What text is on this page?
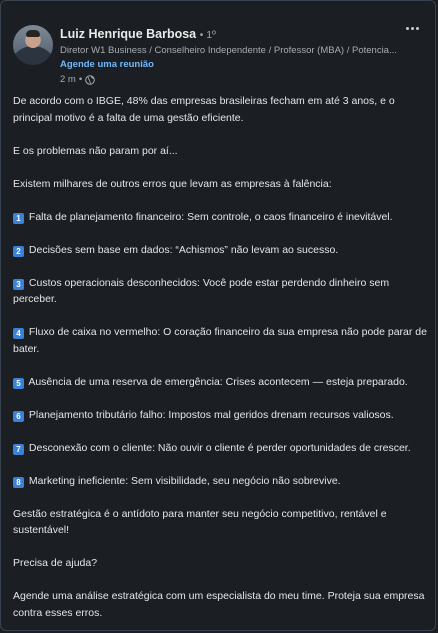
Luiz Henrique Barbosa • 1º
Diretor W1 Business / Conselheiro Independente / Professor (MBA) / Potencia...
Agende uma reunião
2 m •

De acordo com o IBGE, 48% das empresas brasileiras fecham em até 3 anos, e o principal motivo é a falta de uma gestão eficiente.

E os problemas não param por aí...

Existem milhares de outros erros que levam as empresas à falência:

1 Falta de planejamento financeiro: Sem controle, o caos financeiro é inevitável.

2 Decisões sem base em dados: “Achismos” não levam ao sucesso.

3 Custos operacionais desconhecidos: Você pode estar perdendo dinheiro sem perceber.

4 Fluxo de caixa no vermelho: O coração financeiro da sua empresa não pode parar de bater.

5 Ausência de uma reserva de emergência: Crises acontecem — esteja preparado.

6 Planejamento tributário falho: Impostos mal geridos drenam recursos valiosos.

7 Desconexão com o cliente: Não ouvir o cliente é perder oportunidades de crescer.

8 Marketing ineficiente: Sem visibilidade, seu negócio não sobrevive.

Gestão estratégica é o antídoto para manter seu negócio competitivo, rentável e sustentável!

Precisa de ajuda?

Agende uma análise estratégica com um especialista do meu time. Proteja sua empresa contra esses erros.
